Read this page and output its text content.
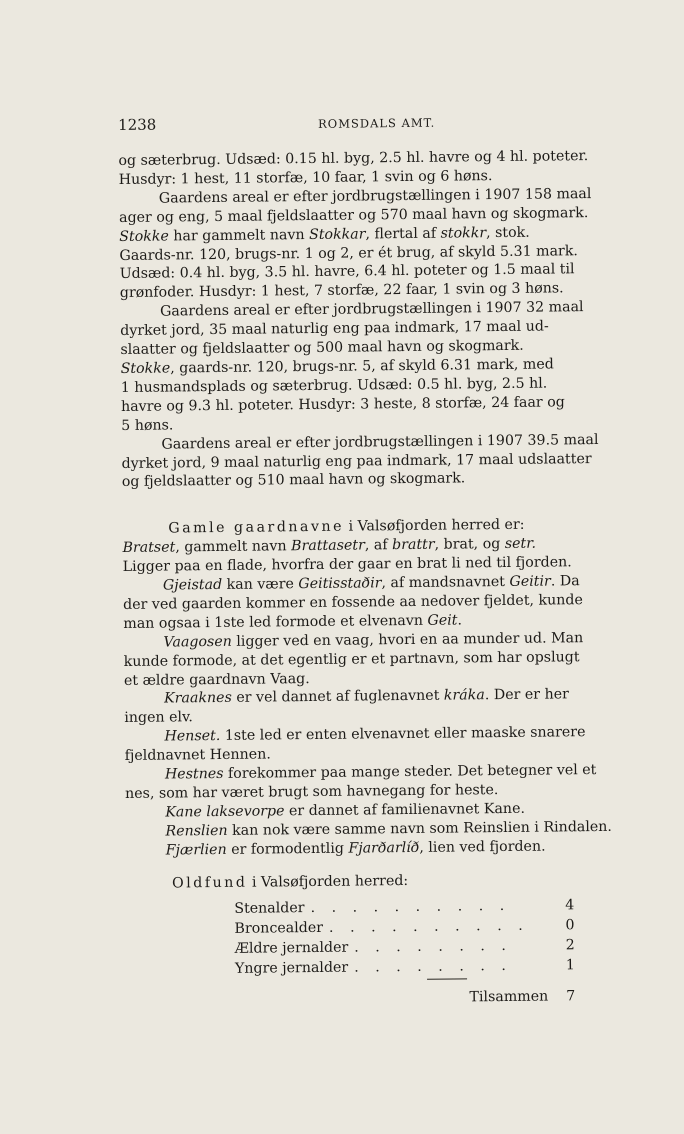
1238	ROMSDALS AMT.

og sæterbrug. Udsæd: 0.15 hl. byg, 2.5 hl. havre og 4 hl. poteter.

Husdyr: 1 hest, 11 storfæ, 10 faar, 1 svin og 6 høns.

Gaardens areal er efter jordbrugstællingen i 1907 158 maal

ager og eng, 5 maal fjeldslaatter og 570 maal havn og skogmark.

Stokke har gammelt navn Stokkar, flertal af stokkr, stok.

Gaards-nr. 120, brugs-nr. 1 og 2, er ét brug, af skyld 5.31 mark.

Udsæd: 0.4 hl. byg, 3.5 hl. havre, 6.4 hl. poteter og 1.5 maal til

grønfoder. Husdyr: 1 hest, 7 storfæ, 22 faar, 1 svin og 3 høns.

Gaardens areal er efter jordbrugstællingen i 1907 32 maal

dyrket jord, 35 maal naturlig eng paa indmark, 17 maal ud-

slaatter og fjeldslaatter og 500 maal havn og skogmark.

Stokke, gaards-nr. 120, brugs-nr. 5, af skyld 6.31 mark, med

1 husmandsplads og sæterbrug. Udsæd: 0.5 hl. byg, 2.5 hl.

havre og 9.3 hl. poteter. Husdyr: 3 heste, 8 storfæ, 24 faar og

5 høns.

Gaardens areal er efter jordbrugstællingen i 1907 39.5 maal

dyrket jord, 9 maal naturlig eng paa indmark, 17 maal udslaatter

og fjeldslaatter og 510 maal havn og skogmark.

Gamle gaardnavne i Valsøfjorden herred er:

Bratset, gammelt navn Brattasetr, af brattr, brat, og setr.

Ligger paa en flade, hvorfra der gaar en brat li ned til fjorden.

Gjeistad kan være Geitisstaðir, af mandsnavnet Geitir. Da

der ved gaarden kommer en fossende aa nedover fjeldet, kunde

man ogsaa i 1ste led formode et elvenavn Geit.

Vaagosen ligger ved en vaag, hvori en aa munder ud. Man

kunde formode, at det egentlig er et partnavn, som har opslugt

et ældre gaardnavn Vaag.

Kraaknes er vel dannet af fuglenavnet kráka. Der er her

ingen elv.

Henset. 1ste led er enten elvenavnet eller maaske snarere

fjeldnavnet Hennen.

Hestnes forekommer paa mange steder. Det betegner vel et

nes, som har været brugt som havnegang for heste.

Kane laksevorpe er dannet af familienavnet Kane.

Renslien kan nok være samme navn som Reinslien i Rindalen.

Fjærlien er formodentlig Fjarðarlíð, lien ved fjorden.

Oldfund i Valsøfjorden herred:

Stenalder . . . . . . . . . .	4
Broncealder . . . . . . . . . .	0
Ældre jernalder . . . . . . . .	2
Yngre jernalder . . . . . . . .	1
Tilsammen 7
